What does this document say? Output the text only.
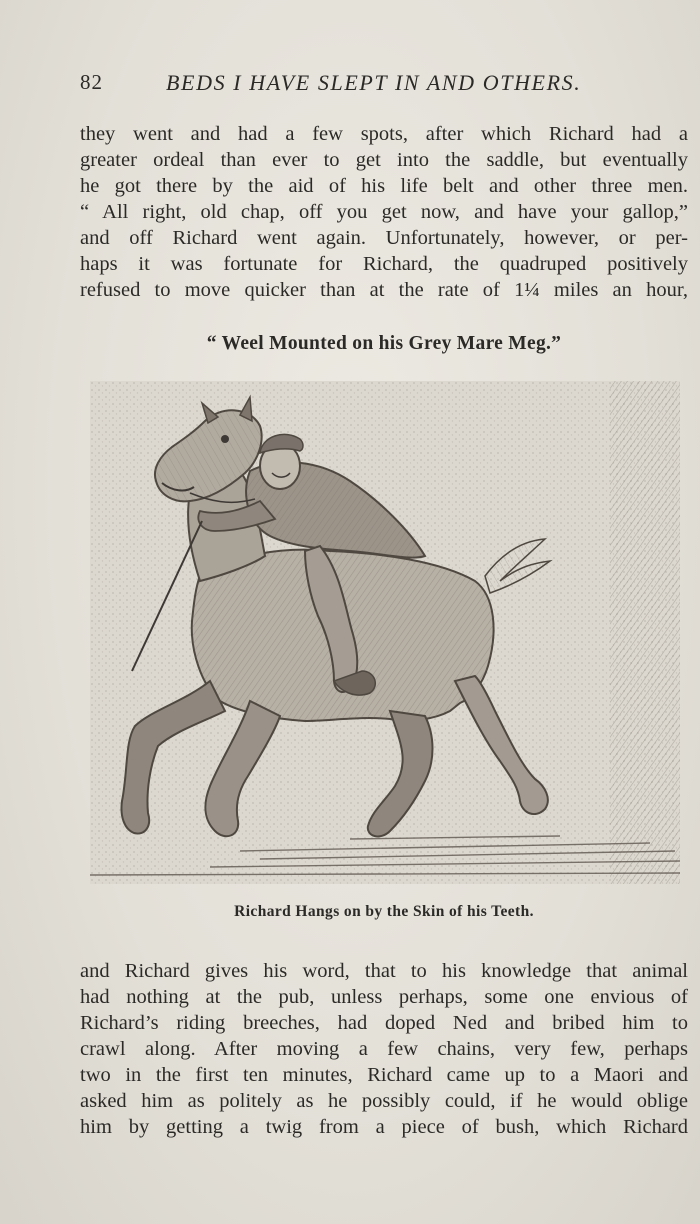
82	BEDS I HAVE SLEPT IN AND OTHERS.
they went and had a few spots, after which Richard had a
greater ordeal than ever to get into the saddle, but eventually
he got there by the aid of his life belt and other three men.
“ All right, old chap, off you get now, and have your gallop,”
and off Richard went again. Unfortunately, however, or per-
haps it was fortunate for Richard, the quadruped positively
refused to move quicker than at the rate of 1¼ miles an hour,
“ Weel Mounted on his Grey Mare Meg.”
Richard Hangs on by the Skin of his Teeth.
and Richard gives his word, that to his knowledge that animal
had nothing at the pub, unless perhaps, some one envious of
Richard’s riding breeches, had doped Ned and bribed him to
crawl along. After moving a few chains, very few, perhaps
two in the first ten minutes, Richard came up to a Maori and
asked him as politely as he possibly could, if he would oblige
him by getting a twig from a piece of bush, which Richard
